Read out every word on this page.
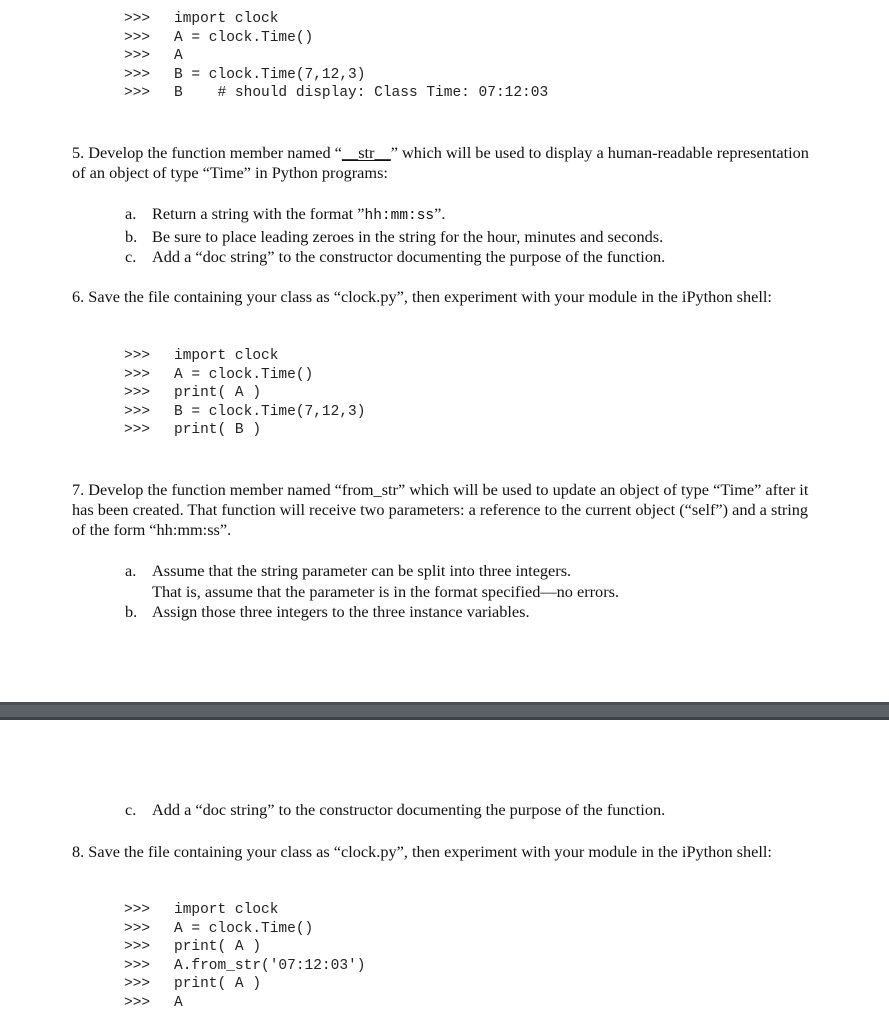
>>> import clock
>>> A = clock.Time()
>>> A
>>> B = clock.Time(7,12,3)
>>> B    # should display: Class Time: 07:12:03
5. Develop the function member named “__str__” which will be used to display a human-readable representation of an object of type “Time” in Python programs:
a. Return a string with the format ”hh:mm:ss”.
b. Be sure to place leading zeroes in the string for the hour, minutes and seconds.
c. Add a “doc string” to the constructor documenting the purpose of the function.
6. Save the file containing your class as “clock.py”, then experiment with your module in the iPython shell:
>>> import clock
>>> A = clock.Time()
>>> print( A )
>>> B = clock.Time(7,12,3)
>>> print( B )
7. Develop the function member named “from_str” which will be used to update an object of type “Time” after it has been created. That function will receive two parameters: a reference to the current object (“self”) and a string of the form “hh:mm:ss”.
a. Assume that the string parameter can be split into three integers.
That is, assume that the parameter is in the format specified—no errors.
b. Assign those three integers to the three instance variables.
c. Add a “doc string” to the constructor documenting the purpose of the function.
8. Save the file containing your class as “clock.py”, then experiment with your module in the iPython shell:
>>> import clock
>>> A = clock.Time()
>>> print( A )
>>> A.from_str('07:12:03')
>>> print( A )
>>> A
